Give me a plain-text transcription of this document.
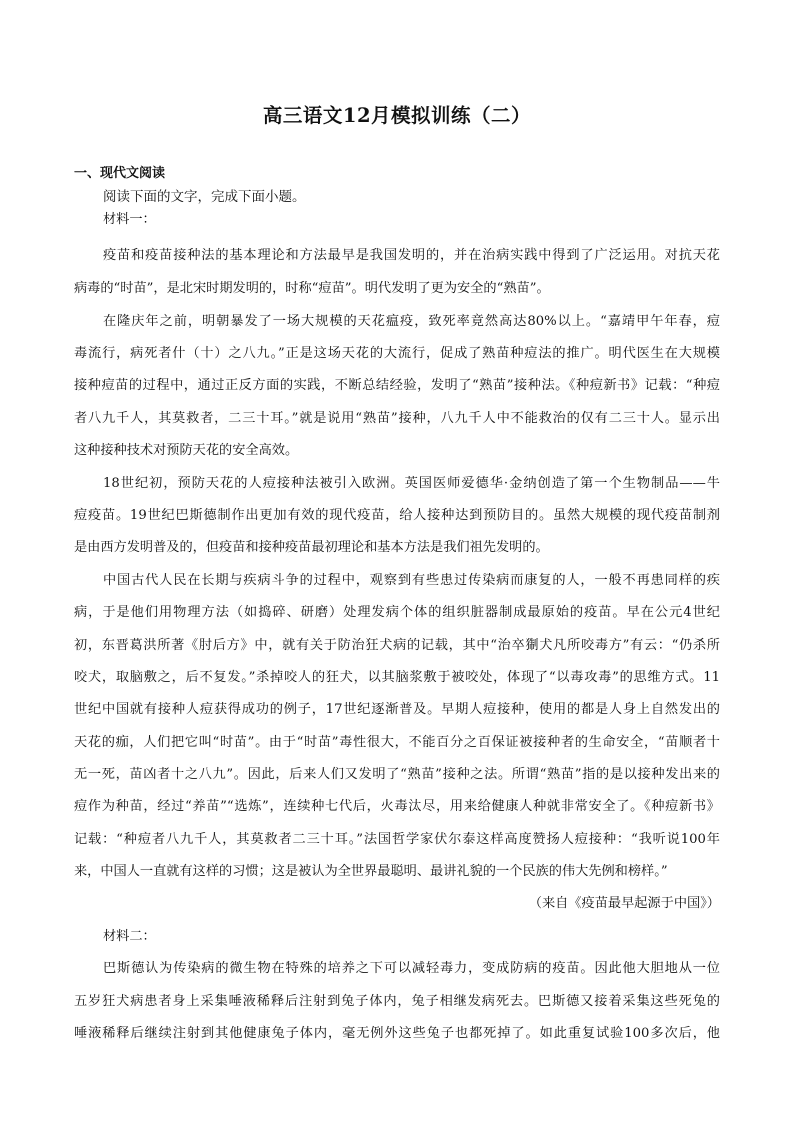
高三语文12月模拟训练（二）
一、现代文阅读
阅读下面的文字，完成下面小题。
材料一：
疫苗和疫苗接种法的基本理论和方法最早是我国发明的，并在治病实践中得到了广泛运用。对抗天花
病毒的“时苗”，是北宋时期发明的，时称“痘苗”。明代发明了更为安全的“熟苗”。
在隆庆年之前，明朝暴发了一场大规模的天花瘟疫，致死率竟然高达80%以上。“嘉靖甲午年春，痘
毒流行，病死者什（十）之八九。”正是这场天花的大流行，促成了熟苗种痘法的推广。明代医生在大规模
接种痘苗的过程中，通过正反方面的实践，不断总结经验，发明了“熟苗”接种法。《种痘新书》记载：“种痘
者八九千人，其莫救者，二三十耳。”就是说用“熟苗”接种，八九千人中不能救治的仅有二三十人。显示出
这种接种技术对预防天花的安全高效。
18世纪初，预防天花的人痘接种法被引入欧洲。英国医师爱德华·金纳创造了第一个生物制品——牛
痘疫苗。19世纪巴斯德制作出更加有效的现代疫苗，给人接种达到预防目的。虽然大规模的现代疫苗制剂
是由西方发明普及的，但疫苗和接种疫苗最初理论和基本方法是我们祖先发明的。
中国古代人民在长期与疾病斗争的过程中，观察到有些患过传染病而康复的人，一般不再患同样的疾
病，于是他们用物理方法（如捣碎、研磨）处理发病个体的组织脏器制成最原始的疫苗。早在公元4世纪
初，东晋葛洪所著《肘后方》中，就有关于防治狂犬病的记载，其中“治卒猘犬凡所咬毒方”有云：“仍杀所
咬犬，取脑敷之，后不复发。”杀掉咬人的狂犬，以其脑浆敷于被咬处，体现了“以毒攻毒”的思维方式。11
世纪中国就有接种人痘获得成功的例子，17世纪逐渐普及。早期人痘接种，使用的都是人身上自然发出的
天花的痂，人们把它叫“时苗”。由于“时苗”毒性很大，不能百分之百保证被接种者的生命安全，“苗顺者十
无一死，苗凶者十之八九”。因此，后来人们又发明了“熟苗”接种之法。所谓“熟苗”指的是以接种发出来的
痘作为种苗，经过“养苗”“选炼”，连续种七代后，火毒汰尽，用来给健康人种就非常安全了。《种痘新书》
记载：“种痘者八九千人，其莫救者二三十耳。”法国哲学家伏尔泰这样高度赞扬人痘接种：“我听说100年
来，中国人一直就有这样的习惯；这是被认为全世界最聪明、最讲礼貌的一个民族的伟大先例和榜样。”
（来自《疫苗最早起源于中国》）
材料二：
巴斯德认为传染病的微生物在特殊的培养之下可以减轻毒力，变成防病的疫苗。因此他大胆地从一位
五岁狂犬病患者身上采集唾液稀释后注射到兔子体内，兔子相继发病死去。巴斯德又接着采集这些死兔的
唾液稀释后继续注射到其他健康兔子体内，毫无例外这些兔子也都死掉了。如此重复试验100多次后，他
